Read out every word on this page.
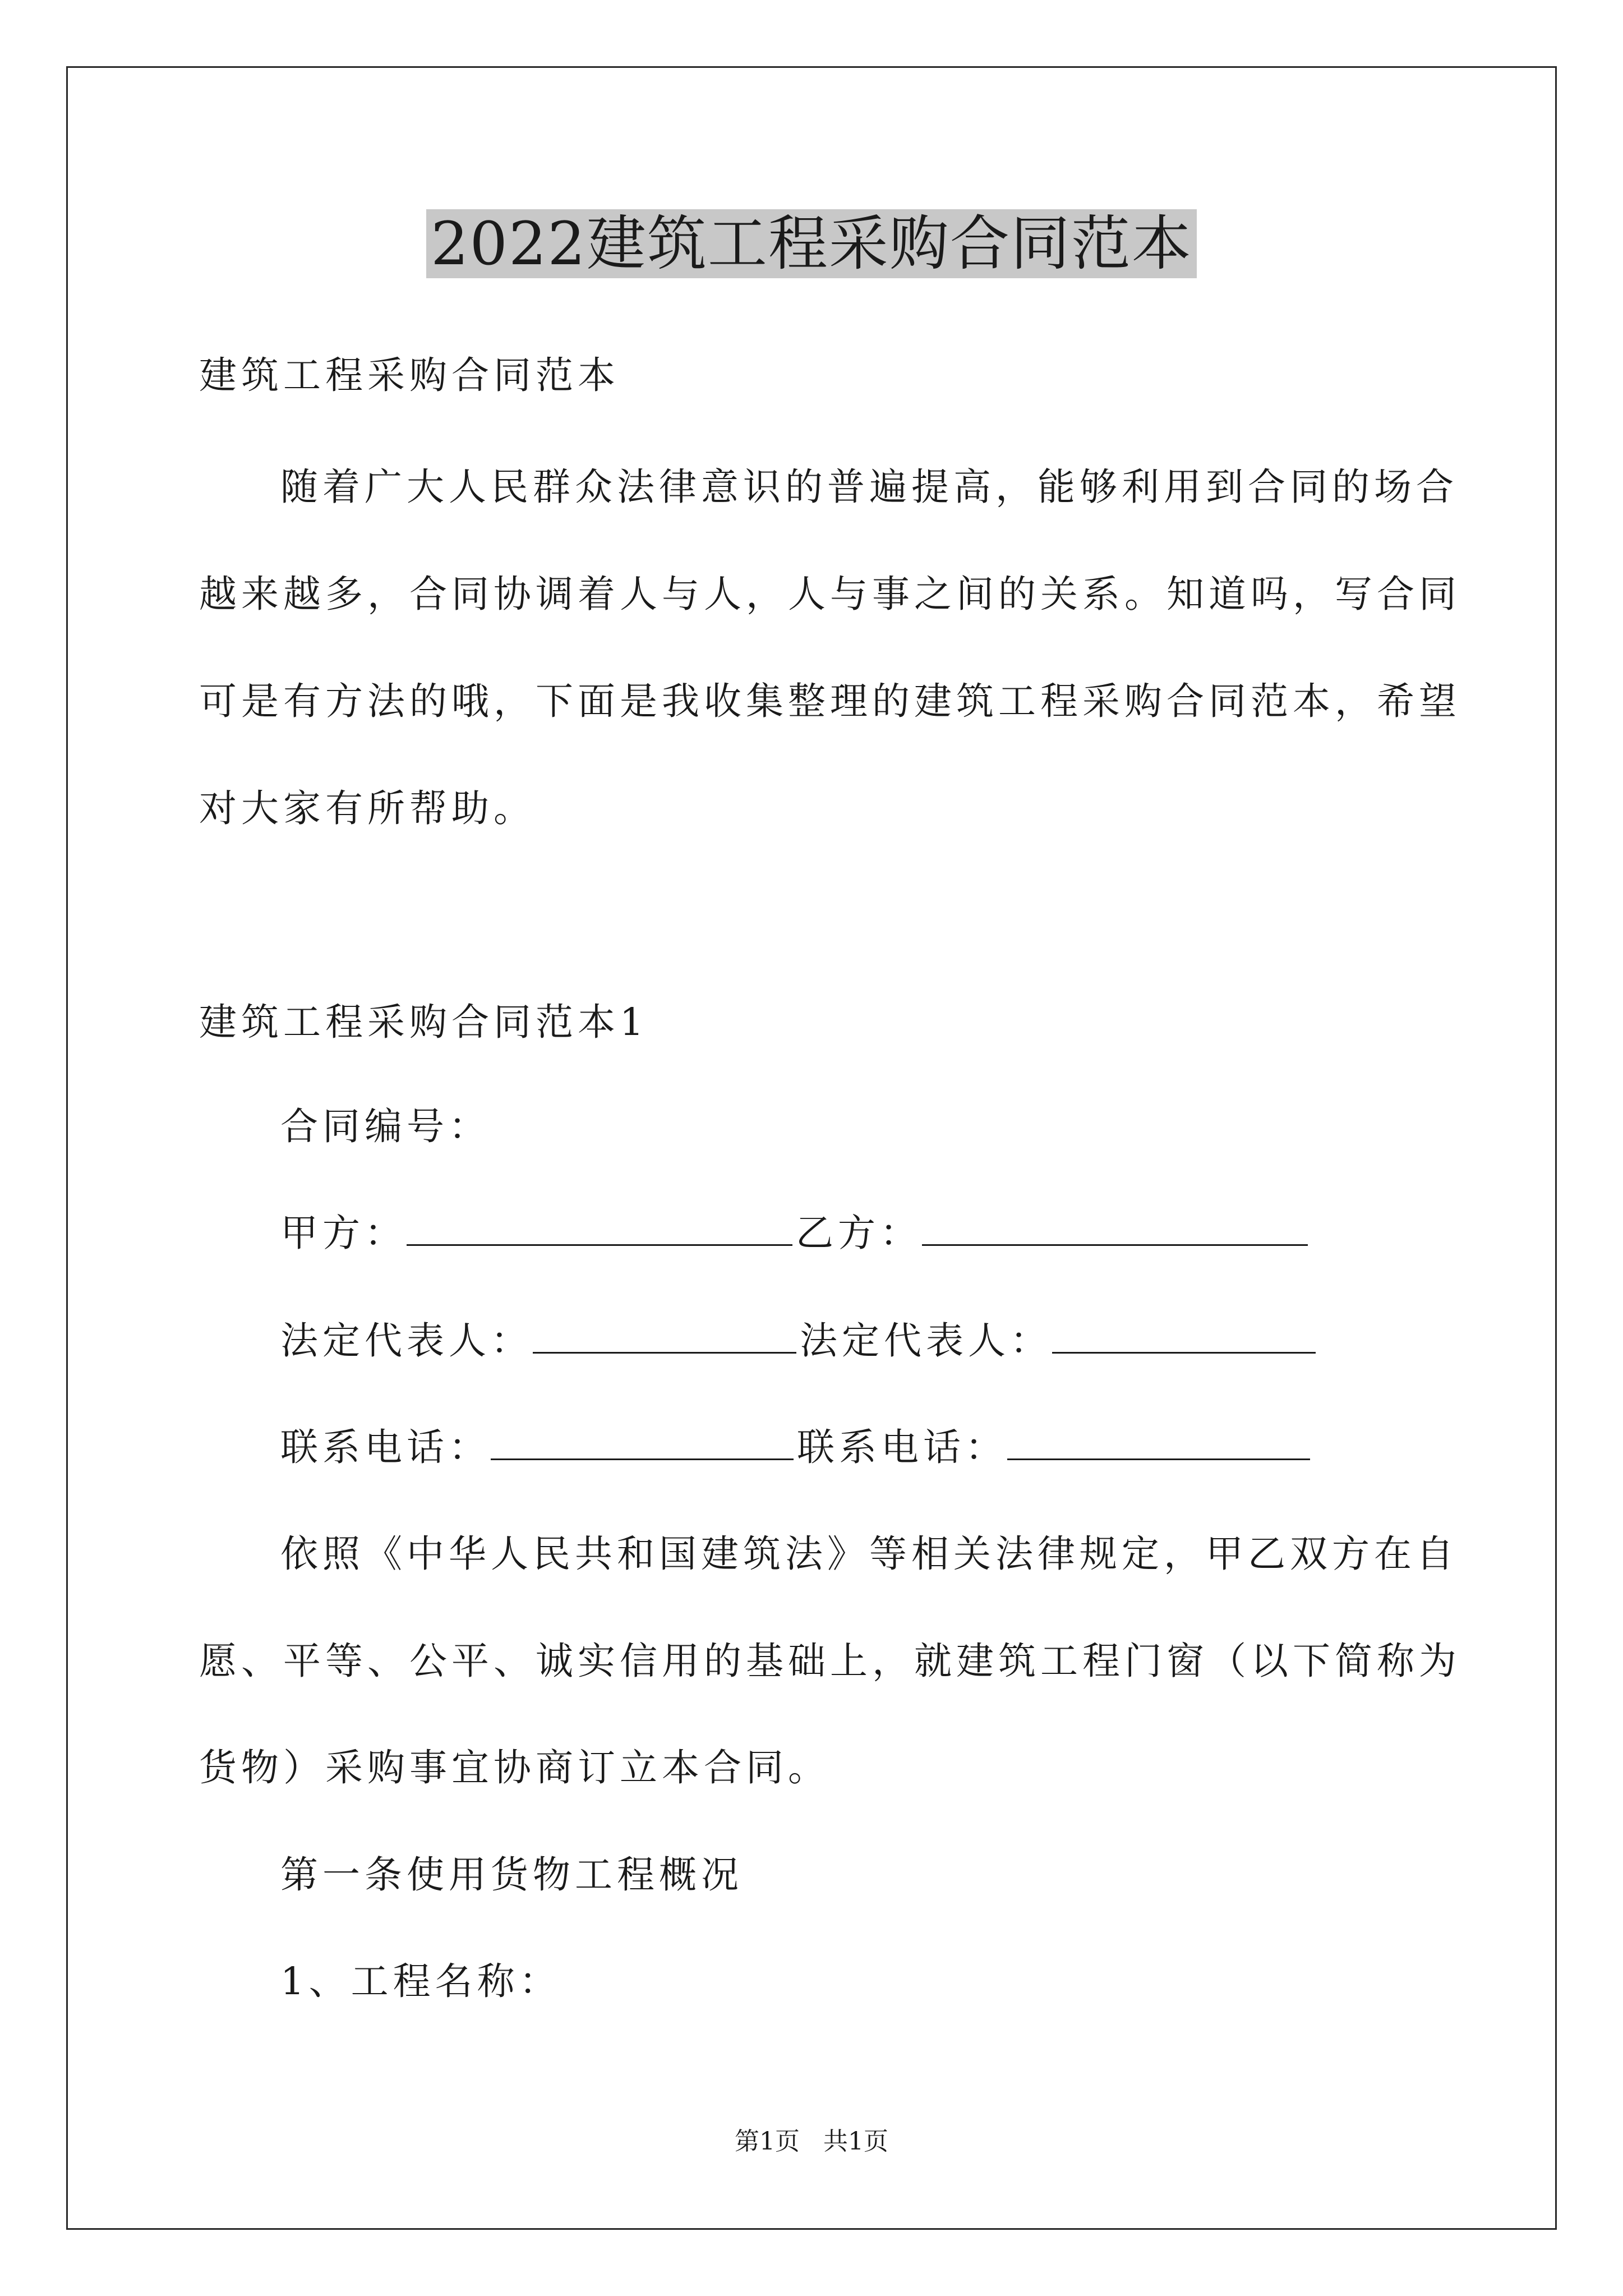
2022建筑工程采购合同范本
建筑工程采购合同范本
随着广大人民群众法律意识的普遍提高，能够利用到合同的场合
越来越多，合同协调着人与人，人与事之间的关系。知道吗，写合同
可是有方法的哦，下面是我收集整理的建筑工程采购合同范本，希望
对大家有所帮助。
建筑工程采购合同范本1
合同编号：
甲方：	乙方：
法定代表人：	法定代表人：
联系电话：	联系电话：
依照《中华人民共和国建筑法》等相关法律规定，甲乙双方在自
愿、平等、公平、诚实信用的基础上，就建筑工程门窗（以下简称为
货物）采购事宜协商订立本合同。
第一条使用货物工程概况
1、工程名称：
第1页   共1页
